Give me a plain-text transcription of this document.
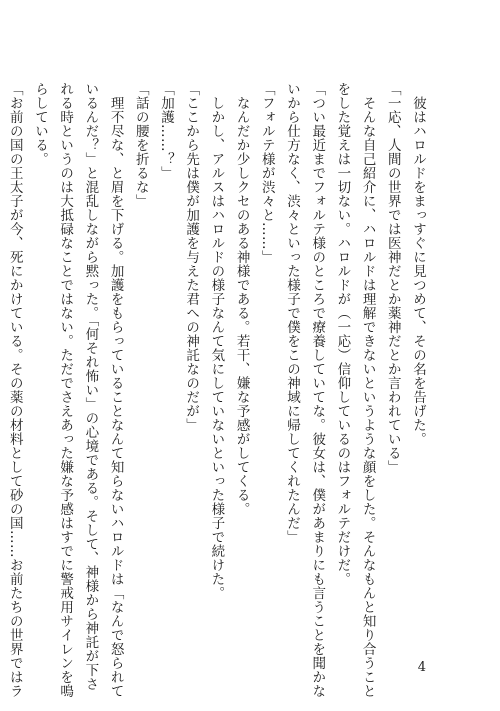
　彼はハロルドをまっすぐに見つめて、その名を告げた。
「一応、人間の世界では医神だとか薬神だとか言われている」
　そんな自己紹介に、ハロルドは理解できないというような顔をした。そんなもんと知り合うこと
をした覚えは一切ない。ハロルドが（一応）信仰しているのはフォルテだけだ。
「つい最近までフォルテ様のところで療養していてな。彼女は、僕があまりにも言うことを聞かな
いから仕方なく、渋々といった様子で僕をこの神域に帰してくれたんだ」
「フォルテ様が渋々と……」
　なんだか少しクセのある神様である。若干、嫌な予感がしてくる。
　しかし、アルスはハロルドの様子なんて気にしていないといった様子で続けた。
「ここから先は僕が加護を与えた君への神託なのだが」
「加護……？」
「話の腰を折るな」
　理不尽な、と眉を下げる。加護をもらっていることなんて知らないハロルドは「なんで怒られて
いるんだ？」と混乱しながら黙った。「何それ怖い」の心境である。そして、神様から神託が下さ
れる時というのは大抵碌なことではない。ただでさえあった嫌な予感はすでに警戒用サイレンを鳴
らしている。
「お前の国の王太子が今、死にかけている。その薬の材料として砂の国……お前たちの世界ではラ	4
